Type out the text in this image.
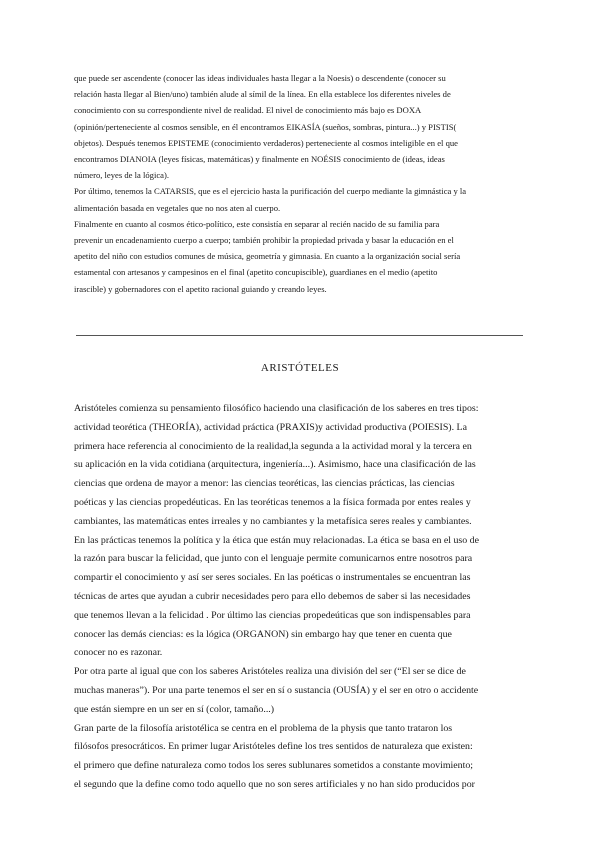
que puede ser ascendente (conocer las ideas individuales hasta llegar a la Noesis) o descendente (conocer su

relación hasta llegar al Bien/uno) también alude al símil de la línea. En ella establece los diferentes niveles de

conocimiento con su correspondiente nivel de realidad. El nivel de conocimiento más bajo es DOXA

(opinión/perteneciente al cosmos sensible, en él encontramos EIKASÍA (sueños, sombras, pintura...) y PISTIS(

objetos). Después tenemos EPISTEME (conocimiento verdaderos) perteneciente al cosmos inteligible en el que

encontramos DIANOIA (leyes físicas, matemáticas) y finalmente en NOÉSIS conocimiento de (ideas, ideas

número, leyes de la lógica).

Por último, tenemos la CATARSIS, que es el ejercicio hasta la purificación del cuerpo mediante la gimnástica y la

alimentación basada en vegetales que no nos aten al cuerpo.

Finalmente en cuanto al cosmos ético-político, este consistía en separar al recién nacido de su familia para

prevenir un encadenamiento cuerpo a cuerpo; también prohibir la propiedad privada y basar la educación en el

apetito del niño con estudios comunes de música, geometría y gimnasia. En cuanto a la organización social sería

estamental con artesanos y campesinos en el final (apetito concupiscible), guardianes en el medio (apetito

irascible) y gobernadores con el apetito racional guiando y creando leyes.

ARISTÓTELES

Aristóteles comienza su pensamiento filosófico haciendo una clasificación de los saberes en tres tipos:

actividad teorética (THEORÍA), actividad práctica (PRAXIS)y actividad productiva (POIESIS). La

primera hace referencia al conocimiento de la realidad,la segunda a la actividad moral y la tercera en

su aplicación en la vida cotidiana (arquitectura, ingeniería...). Asimismo, hace una clasificación de las

ciencias que ordena de mayor a menor: las ciencias teoréticas, las ciencias prácticas, las ciencias

poéticas y las ciencias propedéuticas. En las teoréticas tenemos a la física formada por entes reales y

cambiantes, las matemáticas entes irreales y no cambiantes y la metafísica seres reales y cambiantes.

En las prácticas tenemos la política y la ética que están muy relacionadas. La ética se basa en el uso de

la razón para buscar la felicidad, que junto con el lenguaje permite comunicarnos entre nosotros para

compartir el conocimiento y así ser seres sociales. En las poéticas o instrumentales se encuentran las

técnicas de artes que ayudan a cubrir necesidades pero para ello debemos de saber si las necesidades

que tenemos llevan a la felicidad . Por último las ciencias propedeúticas que son indispensables para

conocer las demás ciencias: es la lógica (ORGANON) sin embargo hay que tener en cuenta que

conocer no es razonar.

Por otra parte al igual que con los saberes Aristóteles realiza una división del ser (“El ser se dice de

muchas maneras”). Por una parte tenemos el ser en sí o sustancia (OUSÍA) y el ser en otro o accidente

que están siempre en un ser en sí (color, tamaño...)

Gran parte de la filosofía aristotélica se centra en el problema de la physis que tanto trataron los

filósofos presocráticos. En primer lugar Aristóteles define los tres sentidos de naturaleza que existen:

el primero que define naturaleza como todos los seres sublunares sometidos a constante movimiento;

el segundo que la define como todo aquello que no son seres artificiales y no han sido producidos por
